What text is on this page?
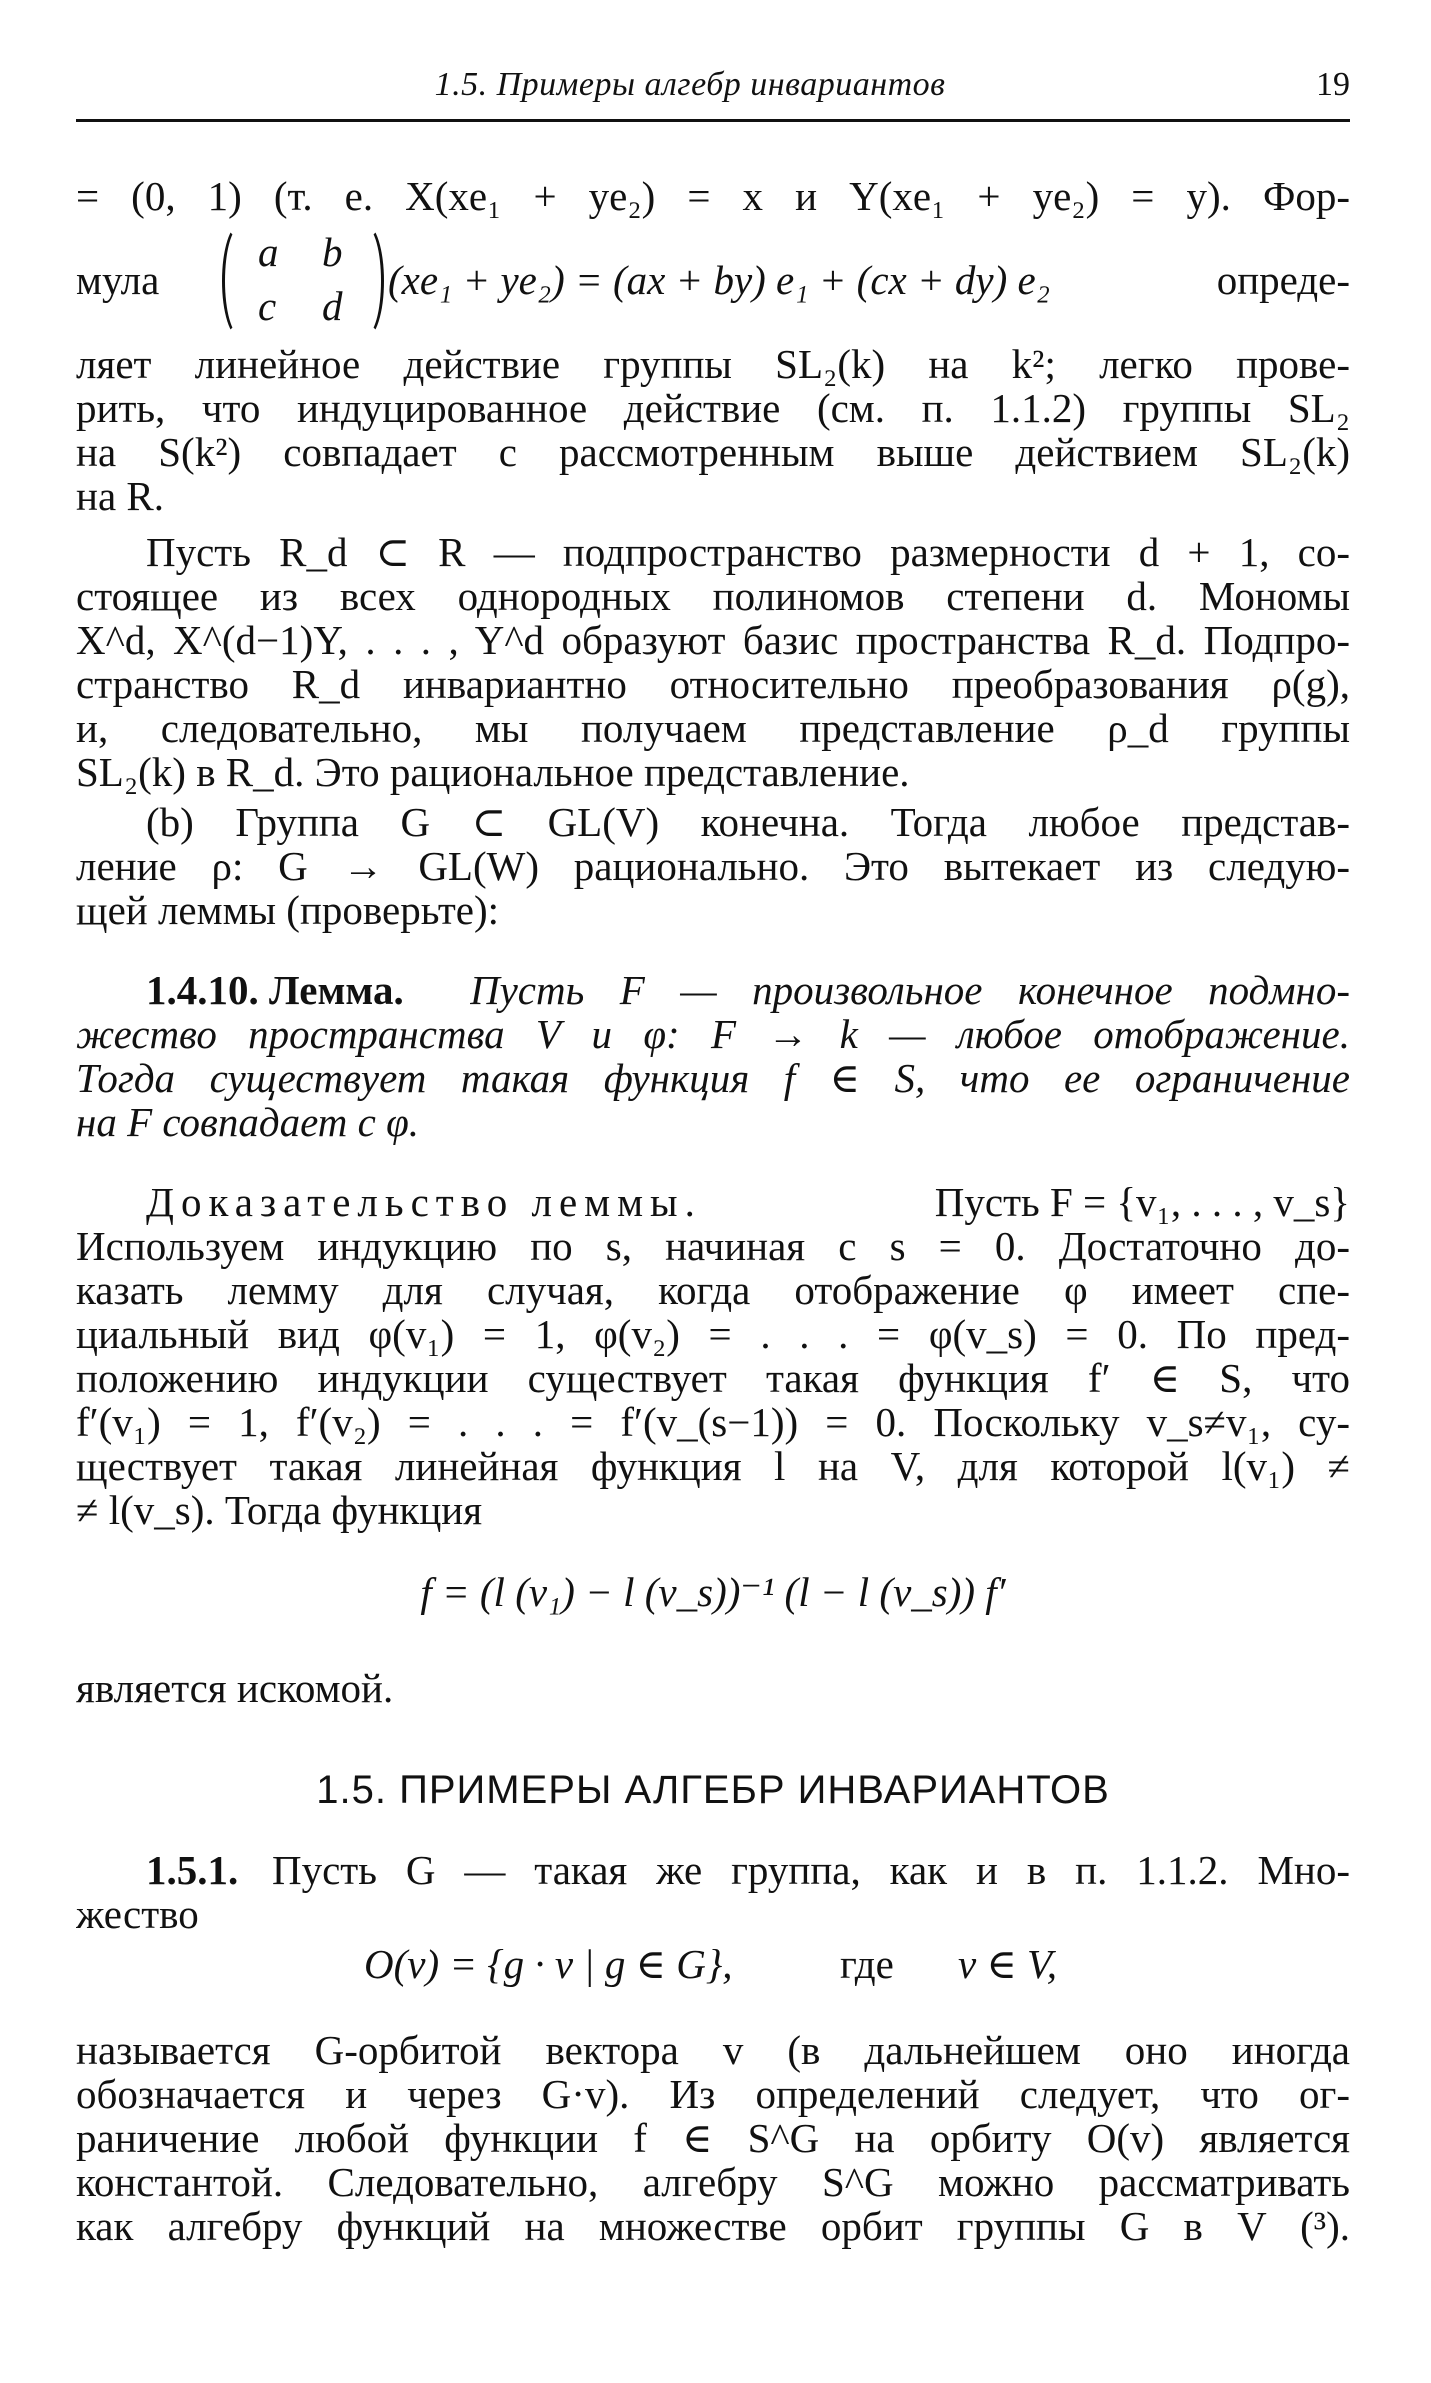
1.5. Примеры алгебр инвариантов	19
= (0, 1) (т. е. X(xe₁ + ye₂) = x и Y(xe₁ + ye₂) = y). Фор-
мула
a b
c d
(xe₁ + ye₂) = (ax + by) e₁ + (cx + dy) e₂	опреде-
ляет линейное действие группы SL₂(k) на k²; легко прове-
рить, что индуцированное действие (см. п. 1.1.2) группы SL₂
на S(k²) совпадает с рассмотренным выше действием SL₂(k)
на R.
Пусть R_d ⊂ R — подпространство размерности d + 1, со-
стоящее из всех однородных полиномов степени d. Мономы
X^d, X^(d−1)Y, . . . , Y^d образуют базис пространства R_d. Подпро-
странство R_d инвариантно относительно преобразования ρ(g),
и, следовательно, мы получаем представление ρ_d группы
SL₂(k) в R_d. Это рациональное представление.
(b) Группа G ⊂ GL(V) конечна. Тогда любое представ-
ление ρ: G → GL(W) рационально. Это вытекает из следую-
щей леммы (проверьте):
1.4.10. Лемма.	Пусть F — произвольное конечное подмно-
жество пространства V и φ: F → k — любое отображение.
Тогда существует такая функция f ∈ S, что ее ограничение
на F совпадает с φ.
Доказательство леммы.	Пусть F = {v₁, . . . , v_s}
Используем индукцию по s, начиная с s = 0. Достаточно до-
казать лемму для случая, когда отображение φ имеет спе-
циальный вид φ(v₁) = 1, φ(v₂) = . . . = φ(v_s) = 0. По пред-
положению индукции существует такая функция f′ ∈ S, что
f′(v₁) = 1, f′(v₂) = . . . = f′(v_(s−1)) = 0. Поскольку v_s≠v₁, су-
ществует такая линейная функция l на V, для которой l(v₁) ≠
≠ l(v_s). Тогда функция
f = (l (v₁) − l (v_s))⁻¹ (l − l (v_s)) f′
является искомой.
1.5. ПРИМЕРЫ АЛГЕБР ИНВАРИАНТОВ
1.5.1. Пусть G — такая же группа, как и в п. 1.1.2. Мно-
жество
O(v) = {g · v | g ∈ G},	где	v ∈ V,
называется G-орбитой вектора v (в дальнейшем оно иногда
обозначается и через G·v). Из определений следует, что ог-
раничение любой функции f ∈ S^G на орбиту O(v) является
константой. Следовательно, алгебру S^G можно рассматривать
как алгебру функций на множестве орбит группы G в V (³).
